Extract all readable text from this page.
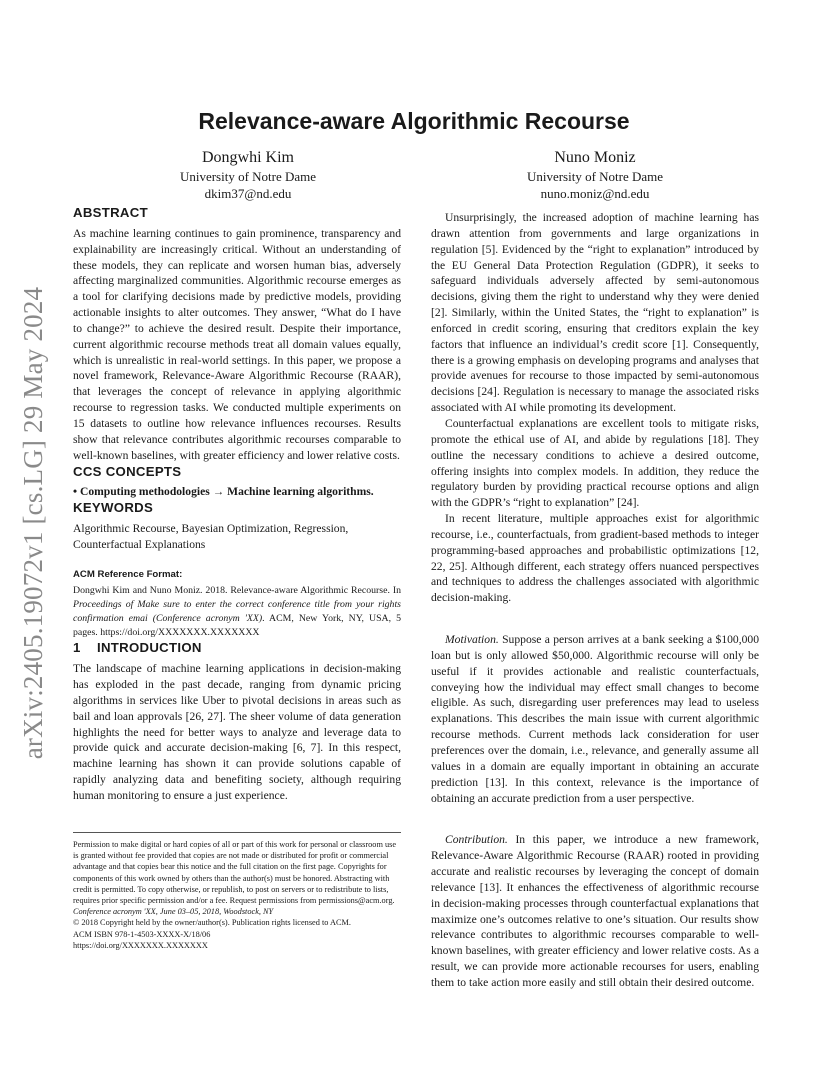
arXiv:2405.19072v1 [cs.LG] 29 May 2024
Relevance-aware Algorithmic Recourse
Dongwhi Kim
University of Notre Dame
dkim37@nd.edu
Nuno Moniz
University of Notre Dame
nuno.moniz@nd.edu
ABSTRACT

As machine learning continues to gain prominence, transparency and explainability are increasingly critical. Without an understanding of these models, they can replicate and worsen human bias, adversely affecting marginalized communities. Algorithmic recourse emerges as a tool for clarifying decisions made by predictive models, providing actionable insights to alter outcomes. They answer, “What do I have to change?” to achieve the desired result. Despite their importance, current algorithmic recourse methods treat all domain values equally, which is unrealistic in real-world settings. In this paper, we propose a novel framework, Relevance-Aware Algorithmic Recourse (RAAR), that leverages the concept of relevance in applying algorithmic recourse to regression tasks. We conducted multiple experiments on 15 datasets to outline how relevance influences recourses. Results show that relevance contributes algorithmic recourses comparable to well-known baselines, with greater efficiency and lower relative costs.

CCS CONCEPTS

• Computing methodologies → Machine learning algorithms.

KEYWORDS

Algorithmic Recourse, Bayesian Optimization, Regression, Counterfactual Explanations

ACM Reference Format:

Dongwhi Kim and Nuno Moniz. 2018. Relevance-aware Algorithmic Recourse. In Proceedings of Make sure to enter the correct conference title from your rights confirmation emai (Conference acronym 'XX). ACM, New York, NY, USA, 5 pages. https://doi.org/XXXXXXX.XXXXXXX

1 INTRODUCTION

The landscape of machine learning applications in decision-making has exploded in the past decade, ranging from dynamic pricing algorithms in services like Uber to pivotal decisions in areas such as bail and loan approvals [26, 27]. The sheer volume of data generation highlights the need for better ways to analyze and leverage data to provide quick and accurate decision-making [6, 7]. In this respect, machine learning has shown it can provide solutions capable of rapidly analyzing data and benefiting society, although requiring human monitoring to ensure a just experience.

Permission to make digital or hard copies of all or part of this work for personal or classroom use is granted without fee provided that copies are not made or distributed for profit or commercial advantage and that copies bear this notice and the full citation on the first page. Copyrights for components of this work owned by others than the author(s) must be honored. Abstracting with credit is permitted. To copy otherwise, or republish, to post on servers or to redistribute to lists, requires prior specific permission and/or a fee. Request permissions from permissions@acm.org.
Conference acronym 'XX, June 03–05, 2018, Woodstock, NY
© 2018 Copyright held by the owner/author(s). Publication rights licensed to ACM.
ACM ISBN 978-1-4503-XXXX-X/18/06
https://doi.org/XXXXXXX.XXXXXXX

Unsurprisingly, the increased adoption of machine learning has drawn attention from governments and large organizations in regulation [5]. Evidenced by the “right to explanation” introduced by the EU General Data Protection Regulation (GDPR), it seeks to safeguard individuals adversely affected by semi-autonomous decisions, giving them the right to understand why they were denied [2]. Similarly, within the United States, the “right to explanation” is enforced in credit scoring, ensuring that creditors explain the key factors that influence an individual’s credit score [1]. Consequently, there is a growing emphasis on developing programs and analyses that provide avenues for recourse to those impacted by semi-autonomous decisions [24]. Regulation is necessary to manage the associated risks associated with AI while promoting its development.

Counterfactual explanations are excellent tools to mitigate risks, promote the ethical use of AI, and abide by regulations [18]. They outline the necessary conditions to achieve a desired outcome, offering insights into complex models. In addition, they reduce the regulatory burden by providing practical recourse options and align with the GDPR’s “right to explanation” [24].

In recent literature, multiple approaches exist for algorithmic recourse, i.e., counterfactuals, from gradient-based methods to integer programming-based approaches and probabilistic optimizations [12, 22, 25]. Although different, each strategy offers nuanced perspectives and techniques to address the challenges associated with algorithmic decision-making.

Motivation. Suppose a person arrives at a bank seeking a $100,000 loan but is only allowed $50,000. Algorithmic recourse will only be useful if it provides actionable and realistic counterfactuals, conveying how the individual may effect small changes to become eligible. As such, disregarding user preferences may lead to useless explanations. This describes the main issue with current algorithmic recourse methods. Current methods lack consideration for user preferences over the domain, i.e., relevance, and generally assume all values in a domain are equally important in obtaining an accurate prediction [13]. In this context, relevance is the importance of obtaining an accurate prediction from a user perspective.

Contribution. In this paper, we introduce a new framework, Relevance-Aware Algorithmic Recourse (RAAR) rooted in providing accurate and realistic recourses by leveraging the concept of domain relevance [13]. It enhances the effectiveness of algorithmic recourse in decision-making processes through counterfactual explanations that maximize one’s outcomes relative to one’s situation. Our results show relevance contributes to algorithmic recourses comparable to well-known baselines, with greater efficiency and lower relative costs. As a result, we can provide more actionable recourses for users, enabling them to take action more easily and still obtain their desired outcome.
